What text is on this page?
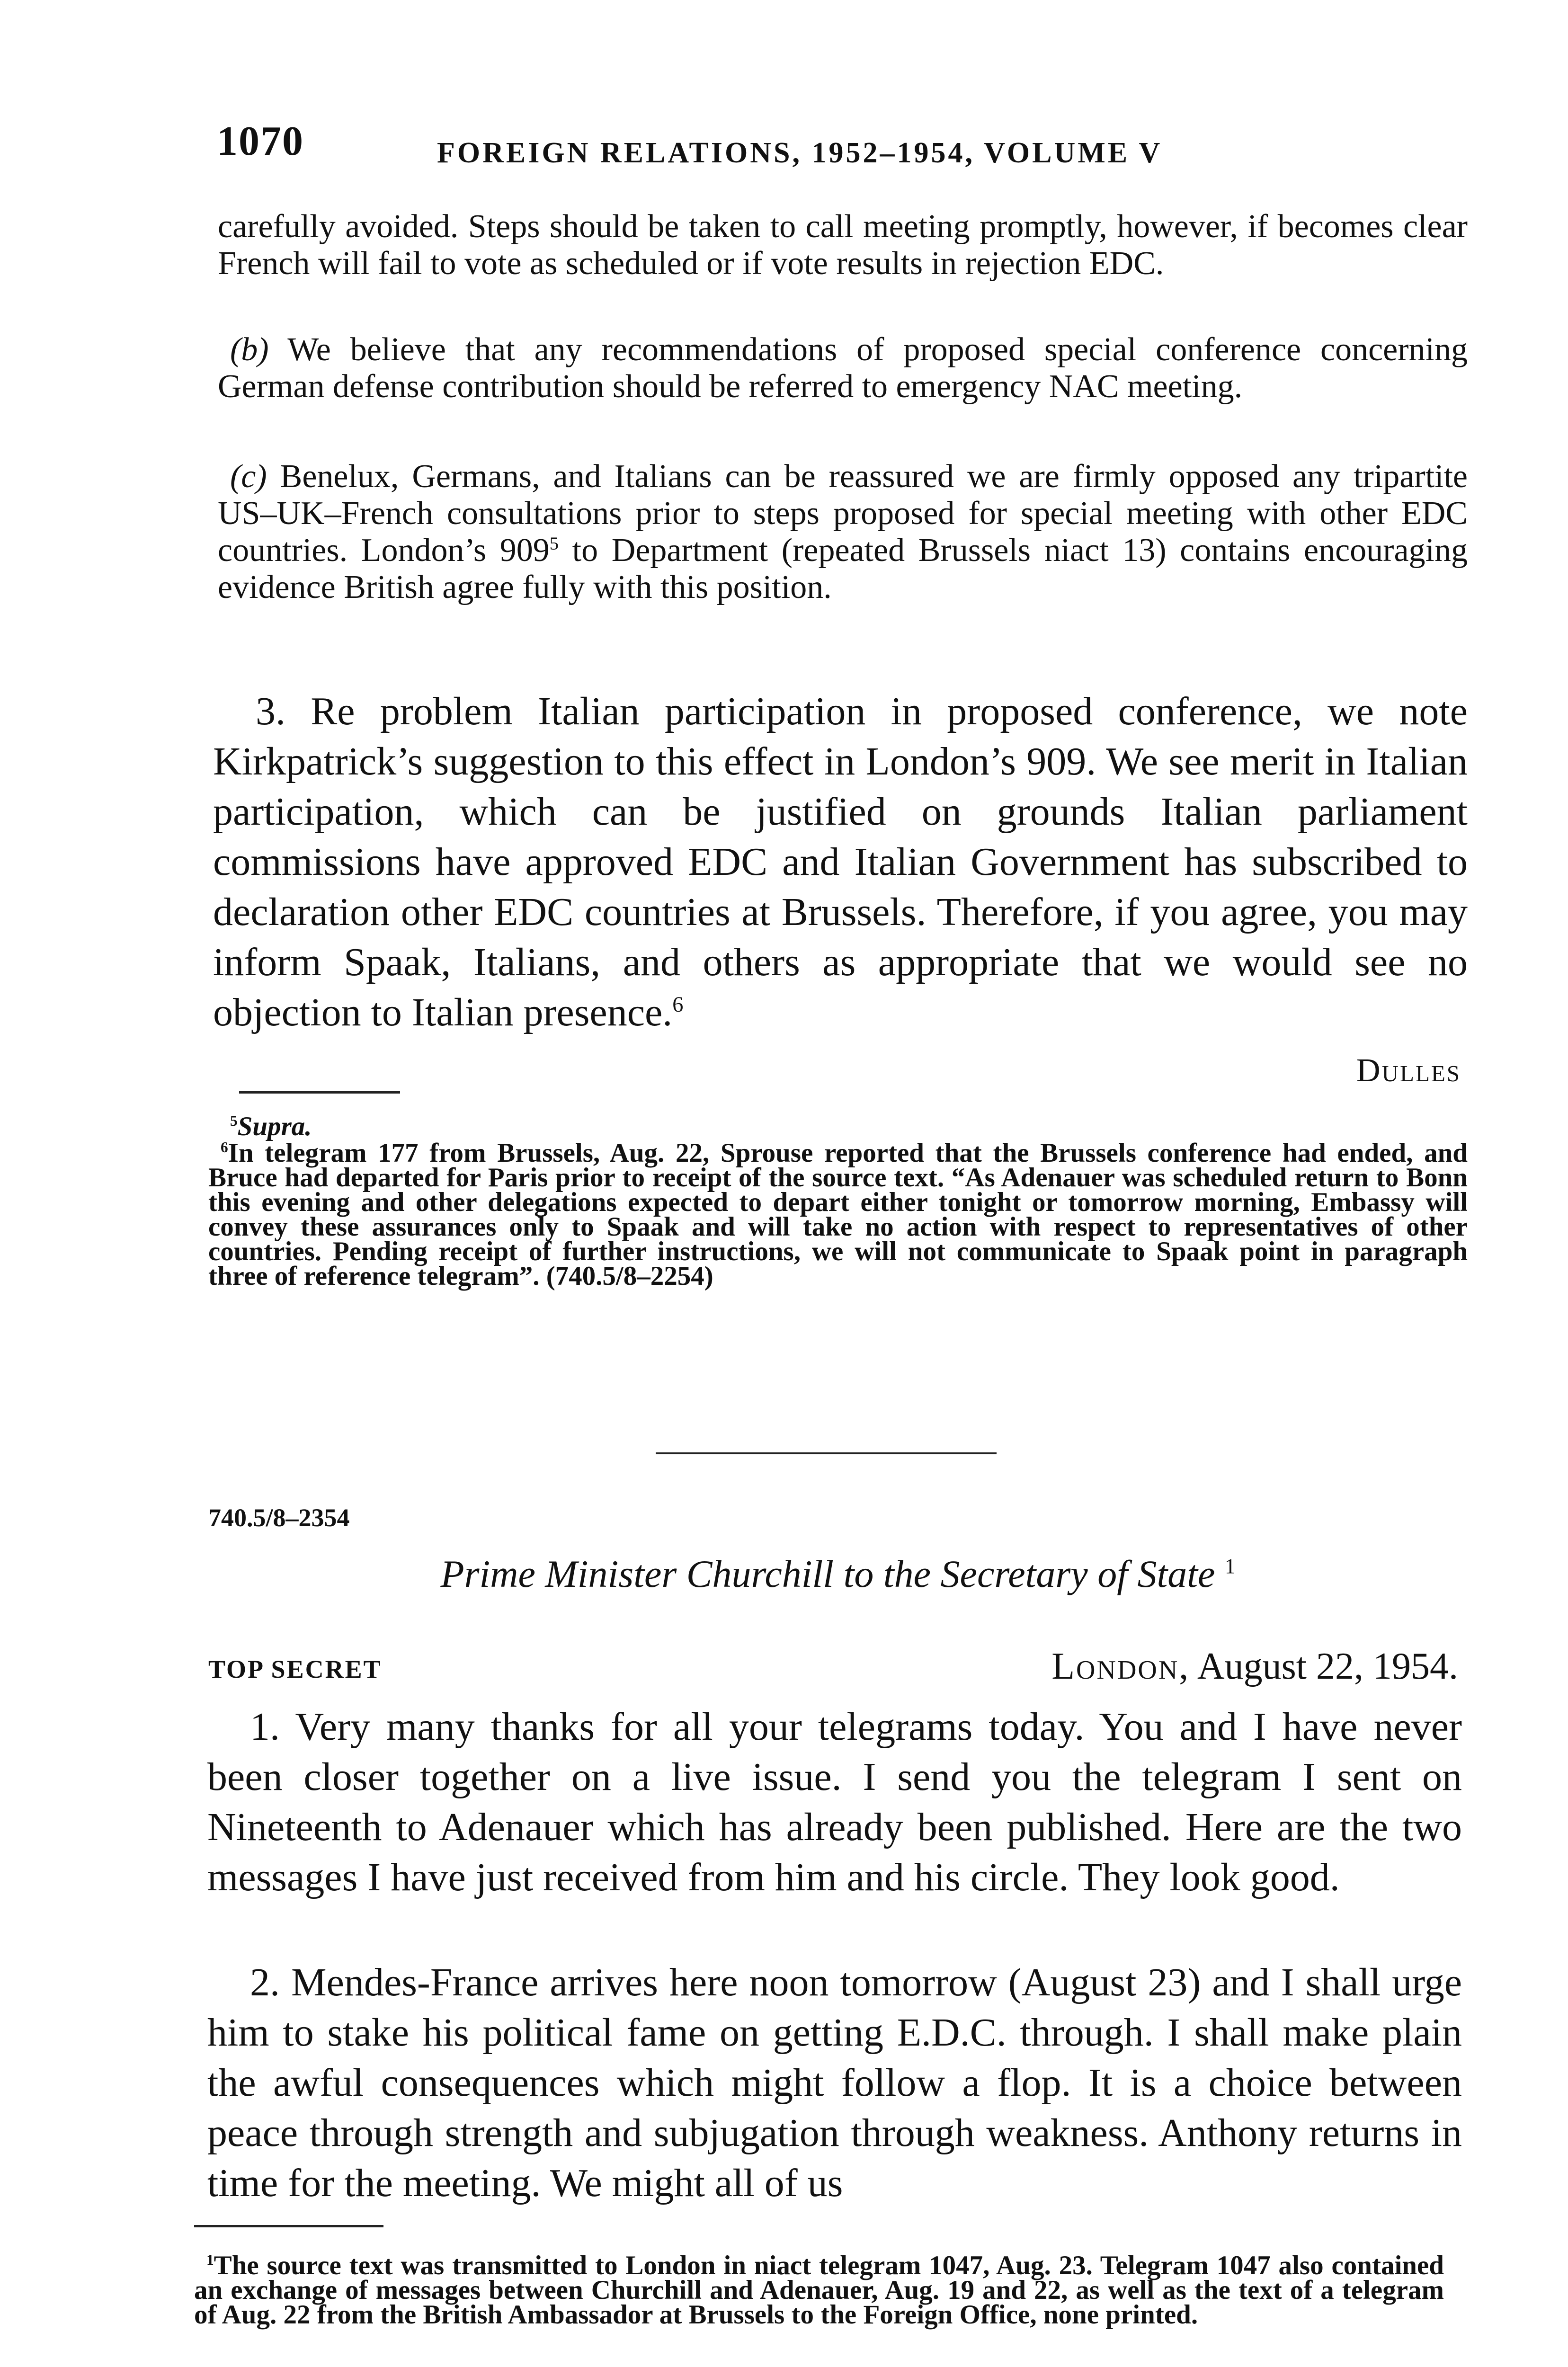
1070	FOREIGN RELATIONS, 1952–1954, VOLUME V

carefully avoided. Steps should be taken to call meeting promptly, however, if becomes clear French will fail to vote as scheduled or if vote results in rejection EDC.

(b) We believe that any recommendations of proposed special conference concerning German defense contribution should be referred to emergency NAC meeting.

(c) Benelux, Germans, and Italians can be reassured we are firmly opposed any tripartite US–UK–French consultations prior to steps proposed for special meeting with other EDC countries. London’s $909^5$ to Department (repeated Brussels niact 13) contains encouraging evidence British agree fully with this position.

3. Re problem Italian participation in proposed conference, we note Kirkpatrick’s suggestion to this effect in London’s 909. We see merit in Italian participation, which can be justified on grounds Italian parliament commissions have approved EDC and Italian Government has subscribed to declaration other EDC countries at Brussels. Therefore, if you agree, you may inform Spaak, Italians, and others as appropriate that we would see no objection to Italian presence.$^6$

Dulles

$^5$Supra.

$^6$In telegram 177 from Brussels, Aug. 22, Sprouse reported that the Brussels conference had ended, and Bruce had departed for Paris prior to receipt of the source text. “As Adenauer was scheduled return to Bonn this evening and other delegations expected to depart either tonight or tomorrow morning, Embassy will convey these assurances only to Spaak and will take no action with respect to representatives of other countries. Pending receipt of further instructions, we will not communicate to Spaak point in paragraph three of reference telegram”. (740.5/8–2254)

740.5/8–2354
Prime Minister Churchill to the Secretary of State $^1$
TOP SECRET	London, August 22, 1954.

1. Very many thanks for all your telegrams today. You and I have never been closer together on a live issue. I send you the telegram I sent on Nineteenth to Adenauer which has already been published. Here are the two messages I have just received from him and his circle. They look good.

2. Mendes-France arrives here noon tomorrow (August 23) and I shall urge him to stake his political fame on getting E.D.C. through. I shall make plain the awful consequences which might follow a flop. It is a choice between peace through strength and subjugation through weakness. Anthony returns in time for the meeting. We might all of us

$^1$The source text was transmitted to London in niact telegram 1047, Aug. 23. Telegram 1047 also contained an exchange of messages between Churchill and Adenauer, Aug. 19 and 22, as well as the text of a telegram of Aug. 22 from the British Ambassador at Brussels to the Foreign Office, none printed.
